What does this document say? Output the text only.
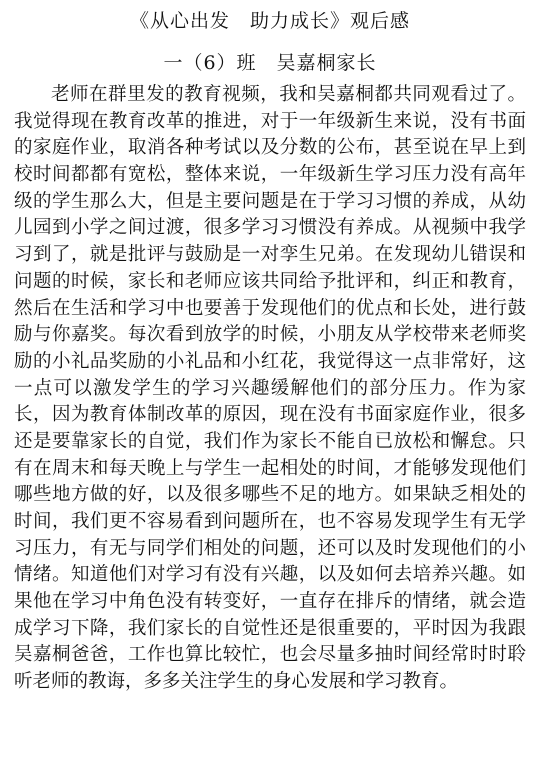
《从心出发　助力成长》观后感
一（6）班　吴嘉桐家长
老师在群里发的教育视频，我和吴嘉桐都共同观看过了。
我觉得现在教育改革的推进，对于一年级新生来说，没有书面
的家庭作业，取消各种考试以及分数的公布，甚至说在早上到
校时间都都有宽松，整体来说，一年级新生学习压力没有高年
级的学生那么大，但是主要问题是在于学习习惯的养成，从幼
儿园到小学之间过渡，很多学习习惯没有养成。从视频中我学
习到了，就是批评与鼓励是一对孪生兄弟。在发现幼儿错误和
问题的时候，家长和老师应该共同给予批评和，纠正和教育，
然后在生活和学习中也要善于发现他们的优点和长处，进行鼓
励与你嘉奖。每次看到放学的时候，小朋友从学校带来老师奖
励的小礼品奖励的小礼品和小红花，我觉得这一点非常好，这
一点可以激发学生的学习兴趣缓解他们的部分压力。作为家
长，因为教育体制改革的原因，现在没有书面家庭作业，很多
还是要靠家长的自觉，我们作为家长不能自已放松和懈怠。只
有在周末和每天晚上与学生一起相处的时间，才能够发现他们
哪些地方做的好，以及很多哪些不足的地方。如果缺乏相处的
时间，我们更不容易看到问题所在，也不容易发现学生有无学
习压力，有无与同学们相处的问题，还可以及时发现他们的小
情绪。知道他们对学习有没有兴趣，以及如何去培养兴趣。如
果他在学习中角色没有转变好，一直存在排斥的情绪，就会造
成学习下降，我们家长的自觉性还是很重要的，平时因为我跟
吴嘉桐爸爸，工作也算比较忙，也会尽量多抽时间经常时时聆
听老师的教诲，多多关注学生的身心发展和学习教育。
